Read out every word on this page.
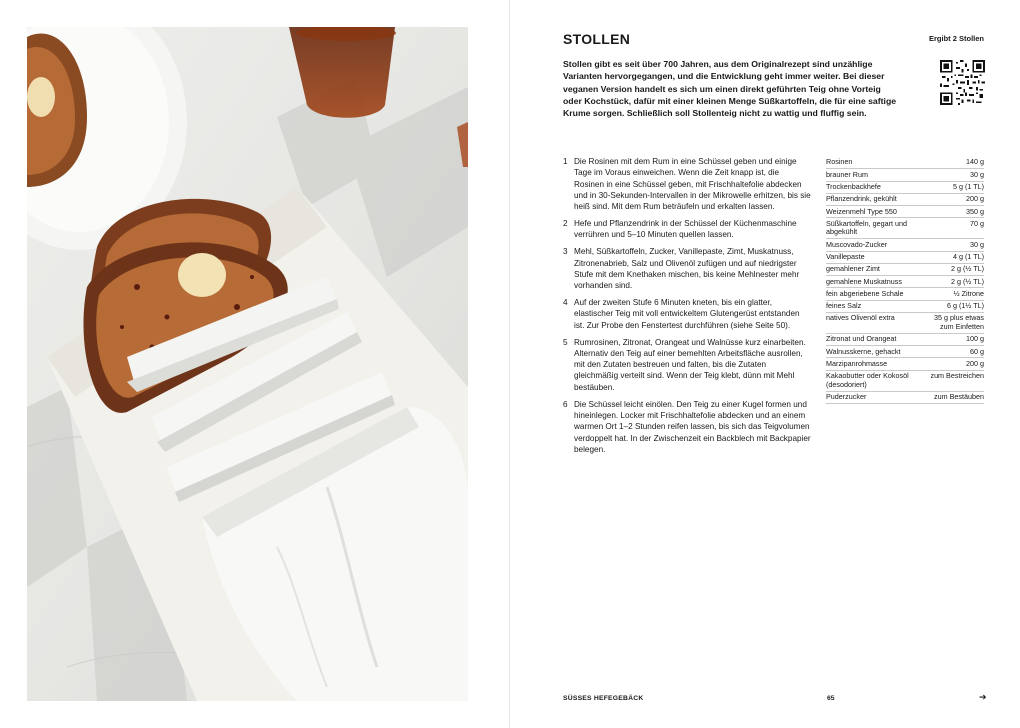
STOLLEN	Ergibt 2 Stollen

Stollen gibt es seit über 700 Jahren, aus dem Originalrezept sind unzählige Varianten hervorgegangen, und die Entwicklung geht immer weiter. Bei dieser veganen Version handelt es sich um einen direkt geführten Teig ohne Vorteig oder Kochstück, dafür mit einer kleinen Menge Süßkartoffeln, die für eine saftige Krume sorgen. Schließlich soll Stollenteig nicht zu wattig und fluffig sein.

1 Die Rosinen mit dem Rum in eine Schüssel geben und einige Tage im Voraus einweichen. Wenn die Zeit knapp ist, die Rosinen in eine Schüssel geben, mit Frischhaltefolie abdecken und in 30-Sekunden-Intervallen in der Mikrowelle erhitzen, bis sie heiß sind. Mit dem Rum beträufeln und erkalten lassen.
2 Hefe und Pflanzendrink in der Schüssel der Küchenmaschine verrühren und 5–10 Minuten quellen lassen.
3 Mehl, Süßkartoffeln, Zucker, Vanillepaste, Zimt, Muskatnuss, Zitronenabrieb, Salz und Olivenöl zufügen und auf niedrigster Stufe mit dem Knethaken mischen, bis keine Mehlnester mehr vorhanden sind.
4 Auf der zweiten Stufe 6 Minuten kneten, bis ein glatter, elastischer Teig mit voll entwickeltem Glutengerüst entstanden ist. Zur Probe den Fenstertest durchführen (siehe Seite 50).
5 Rumrosinen, Zitronat, Orangeat und Walnüsse kurz einarbeiten. Alternativ den Teig auf einer bemehlten Arbeitsfläche ausrollen, mit den Zutaten bestreuen und falten, bis die Zutaten gleichmäßig verteilt sind. Wenn der Teig klebt, dünn mit Mehl bestäuben.
6 Die Schüssel leicht einölen. Den Teig zu einer Kugel formen und hineinlegen. Locker mit Frischhaltefolie abdecken und an einem warmen Ort 1–2 Stunden reifen lassen, bis sich das Teigvolumen verdoppelt hat. In der Zwischenzeit ein Backblech mit Backpapier belegen.
Rosinen	140 g
brauner Rum	30 g
Trockenbackhefe	5 g (1 TL)
Pflanzendrink, gekühlt	200 g
Weizenmehl Type 550	350 g
Süßkartoffeln, gegart und abgekühlt	70 g
Muscovado-Zucker	30 g
Vanillepaste	4 g (1 TL)
gemahlener Zimt	2 g (½ TL)
gemahlene Muskatnuss	2 g (½ TL)
fein abgeriebene Schale	½ Zitrone
feines Salz	6 g (1½ TL)
natives Olivenöl extra	35 g plus etwas zum Einfetten
Zitronat und Orangeat	100 g
Walnusskerne, gehackt	60 g
Marzipanrohmasse	200 g
Kakaobutter oder Kokosöl (desodoriert)	zum Bestreichen
Puderzucker	zum Bestäuben
SÜSSES HEFEGEBÄCK	65	➔
